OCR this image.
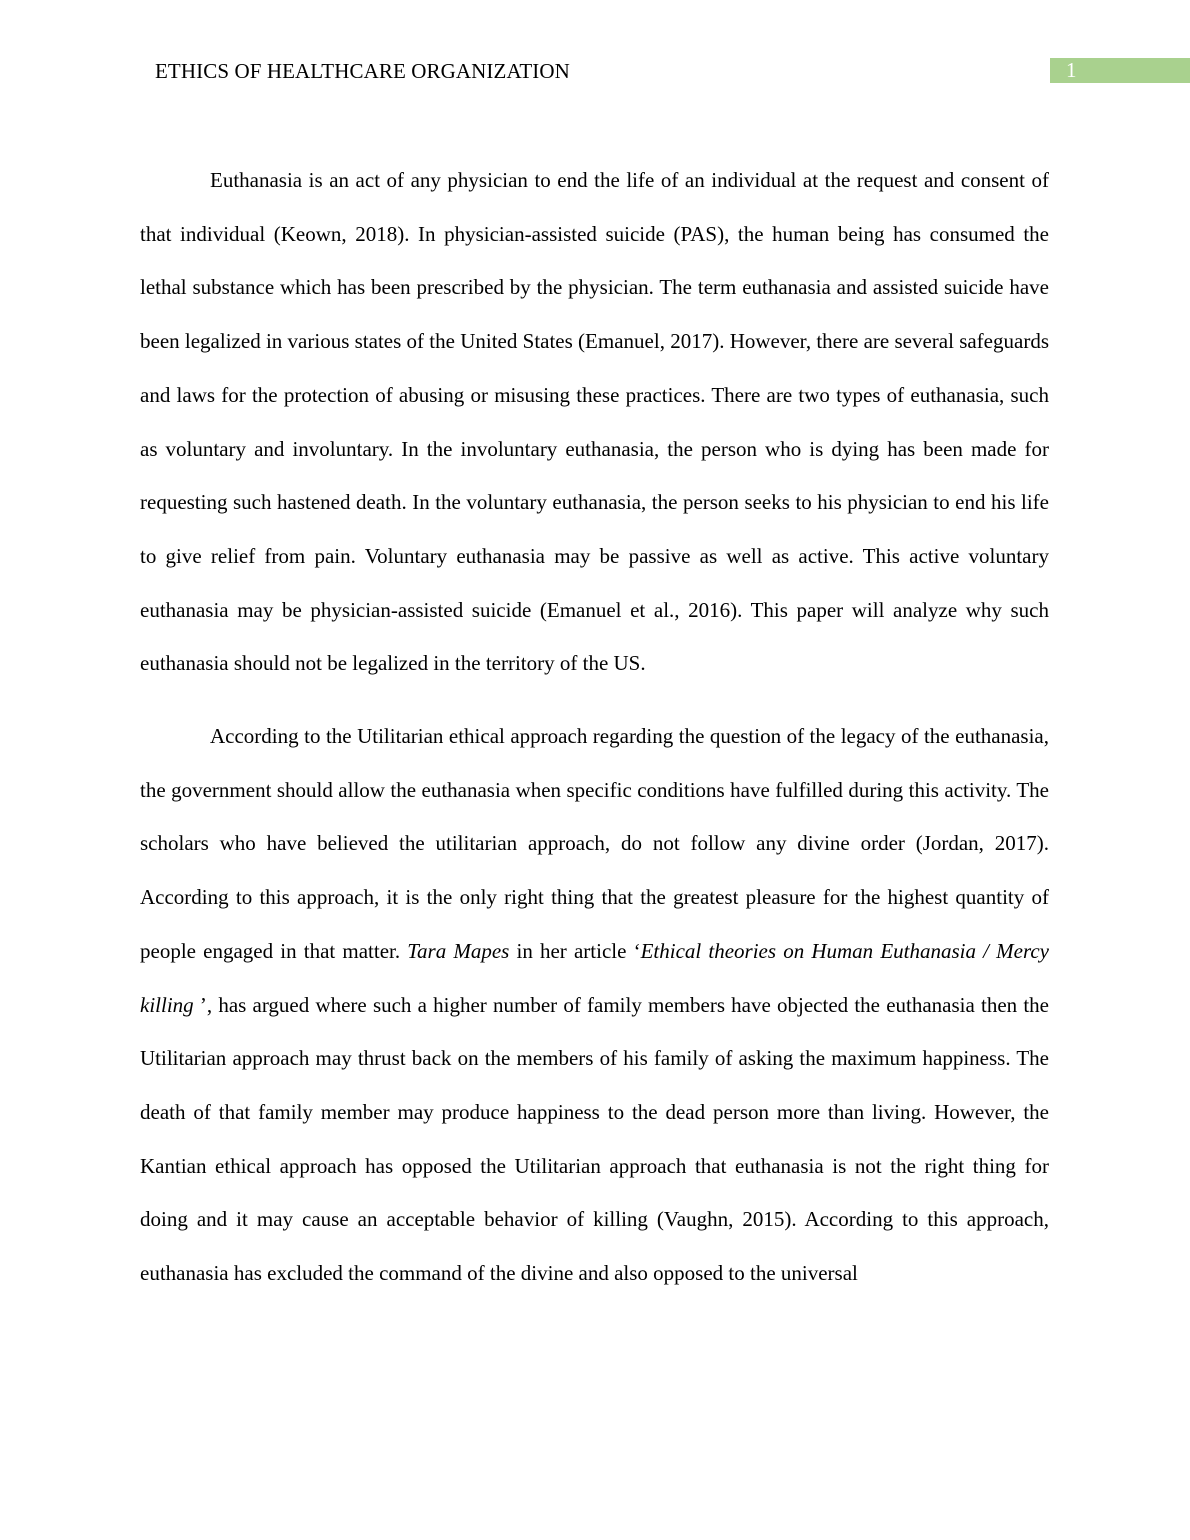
ETHICS OF HEALTHCARE ORGANIZATION	1

Euthanasia is an act of any physician to end the life of an individual at the request and consent of that individual (Keown, 2018). In physician-assisted suicide (PAS), the human being has consumed the lethal substance which has been prescribed by the physician. The term euthanasia and assisted suicide have been legalized in various states of the United States (Emanuel, 2017). However, there are several safeguards and laws for the protection of abusing or misusing these practices. There are two types of euthanasia, such as voluntary and involuntary. In the involuntary euthanasia, the person who is dying has been made for requesting such hastened death. In the voluntary euthanasia, the person seeks to his physician to end his life to give relief from pain. Voluntary euthanasia may be passive as well as active. This active voluntary euthanasia may be physician-assisted suicide (Emanuel et al., 2016). This paper will analyze why such euthanasia should not be legalized in the territory of the US.

According to the Utilitarian ethical approach regarding the question of the legacy of the euthanasia, the government should allow the euthanasia when specific conditions have fulfilled during this activity. The scholars who have believed the utilitarian approach, do not follow any divine order (Jordan, 2017). According to this approach, it is the only right thing that the greatest pleasure for the highest quantity of people engaged in that matter. Tara Mapes in her article ‘Ethical theories on Human Euthanasia / Mercy killing ’, has argued where such a higher number of family members have objected the euthanasia then the Utilitarian approach may thrust back on the members of his family of asking the maximum happiness. The death of that family member may produce happiness to the dead person more than living. However, the Kantian ethical approach has opposed the Utilitarian approach that euthanasia is not the right thing for doing and it may cause an acceptable behavior of killing (Vaughn, 2015). According to this approach, euthanasia has excluded the command of the divine and also opposed to the universal
